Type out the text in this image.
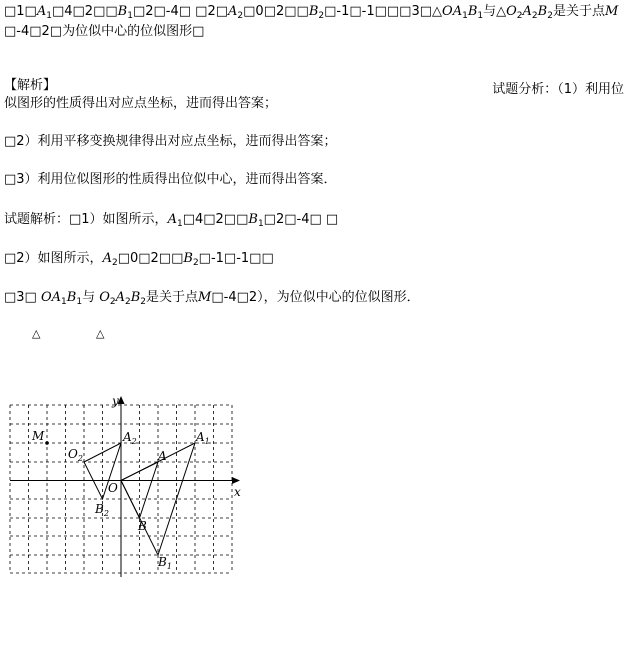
$□1□A_1□4□2□□B_1□2□-4□$ $□2□A_2□0□2□□B_2□-1□-1□□□3□\triangle OA_1B_1$与$\triangle O_2A_2B_2$是关于点M
□-4□2□为位似中心的位似图形□
【解析】	试题分析：（1）利用位
似图形的性质得出对应点坐标，进而得出答案；
□2）利用平移变换规律得出对应点坐标，进而得出答案；
□3）利用位似图形的性质得出位似中心，进而得出答案．
试题解析：□1）如图所示，$A_1□4□2□□B_1□2□-4□$ □
□2）如图所示，$A_2□0□2□□B_2□-1□-1□□$
□3□ $OA_1B_1$与 $O_2A_2B_2$是关于点M□-4□2），为位似中心的位似图形．
△	△
y
x
O
M	$A_2$	$A_1$
$O_2$	A
$B_2$
B
$B_1$
